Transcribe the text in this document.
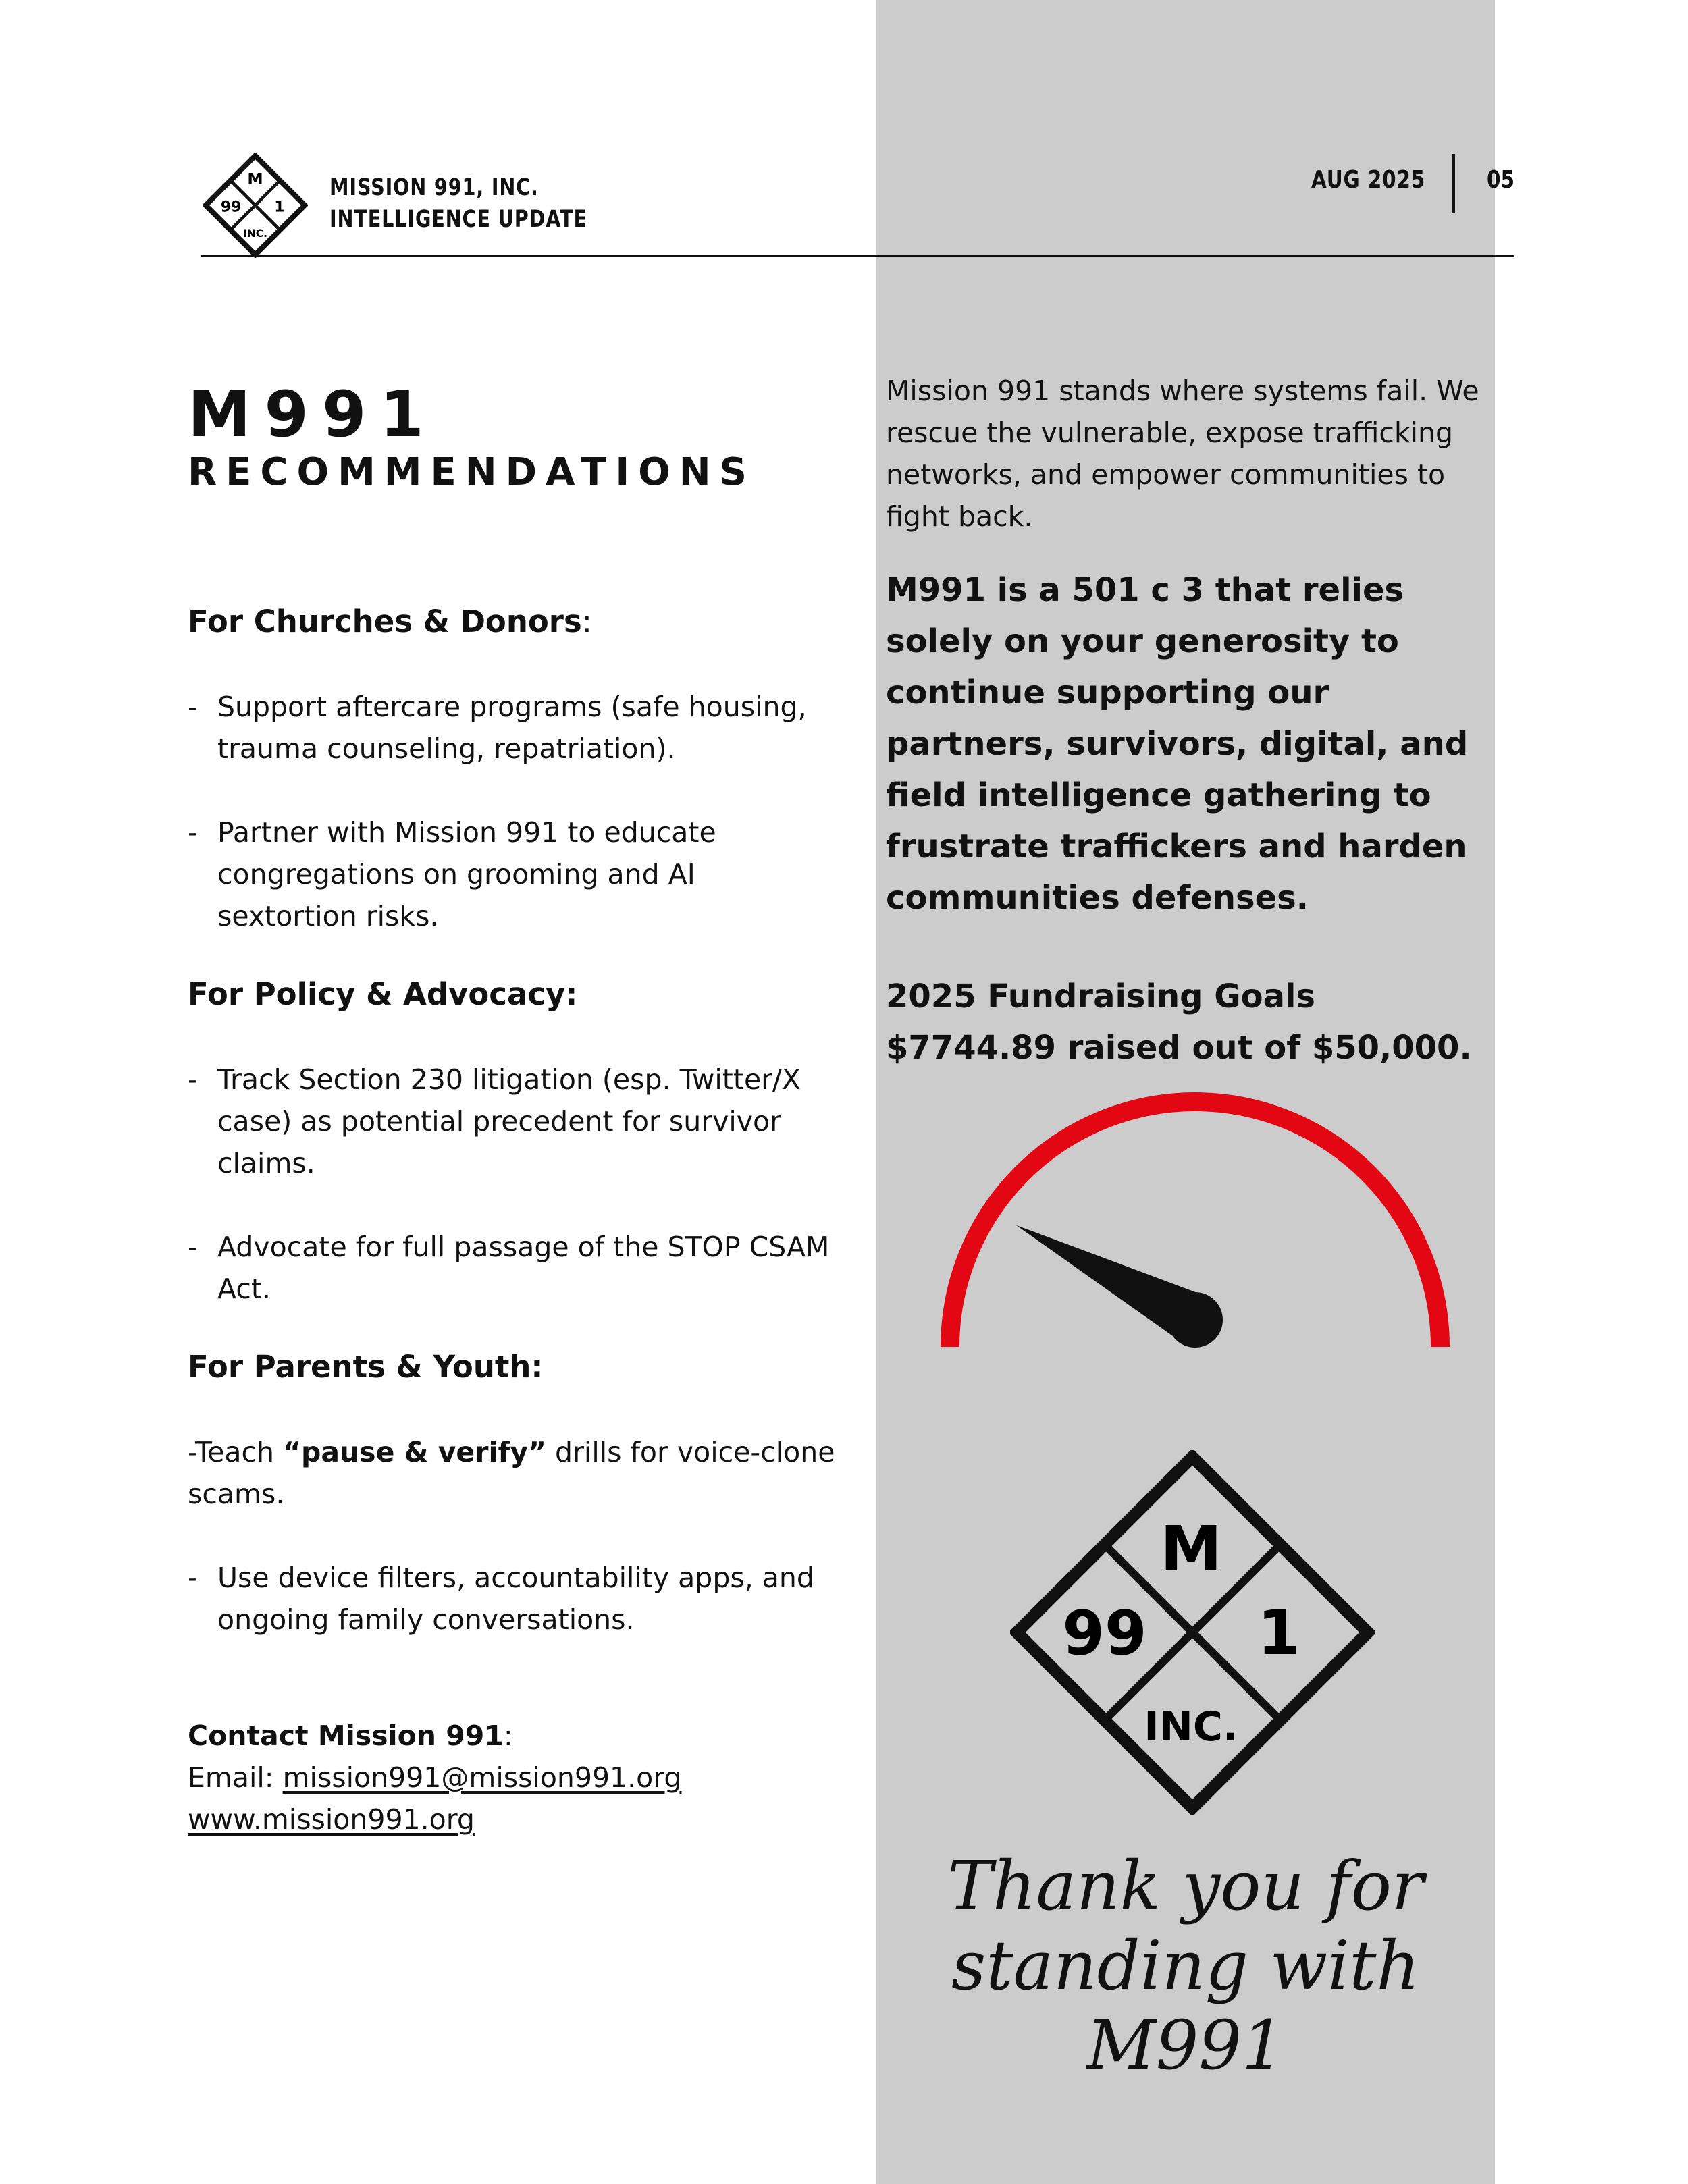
M
99	1
INC.
MISSION 991, INC.
INTELLIGENCE UPDATE
AUG 2025	05
M991
RECOMMENDATIONS

For Churches & Donors:

- Support aftercare programs (safe housing, trauma counseling, repatriation).

- Partner with Mission 991 to educate congregations on grooming and AI sextortion risks.

For Policy & Advocacy:

- Track Section 230 litigation (esp. Twitter/X case) as potential precedent for survivor claims.

- Advocate for full passage of the STOP CSAM Act.

For Parents & Youth:

-Teach “pause & verify” drills for voice-clone scams.

- Use device filters, accountability apps, and ongoing family conversations.

Contact Mission 991:
Email: mission991@mission991.org
www.mission991.org

Mission 991 stands where systems fail. We rescue the vulnerable, expose trafficking networks, and empower communities to fight back.

M991 is a 501 c 3 that relies solely on your generosity to continue supporting our partners, survivors, digital, and field intelligence gathering to frustrate traffickers and harden communities defenses.

2025 Fundraising Goals $7744.89 raised out of $50,000.

M
99 1
INC.
Thank you for
standing with M991
